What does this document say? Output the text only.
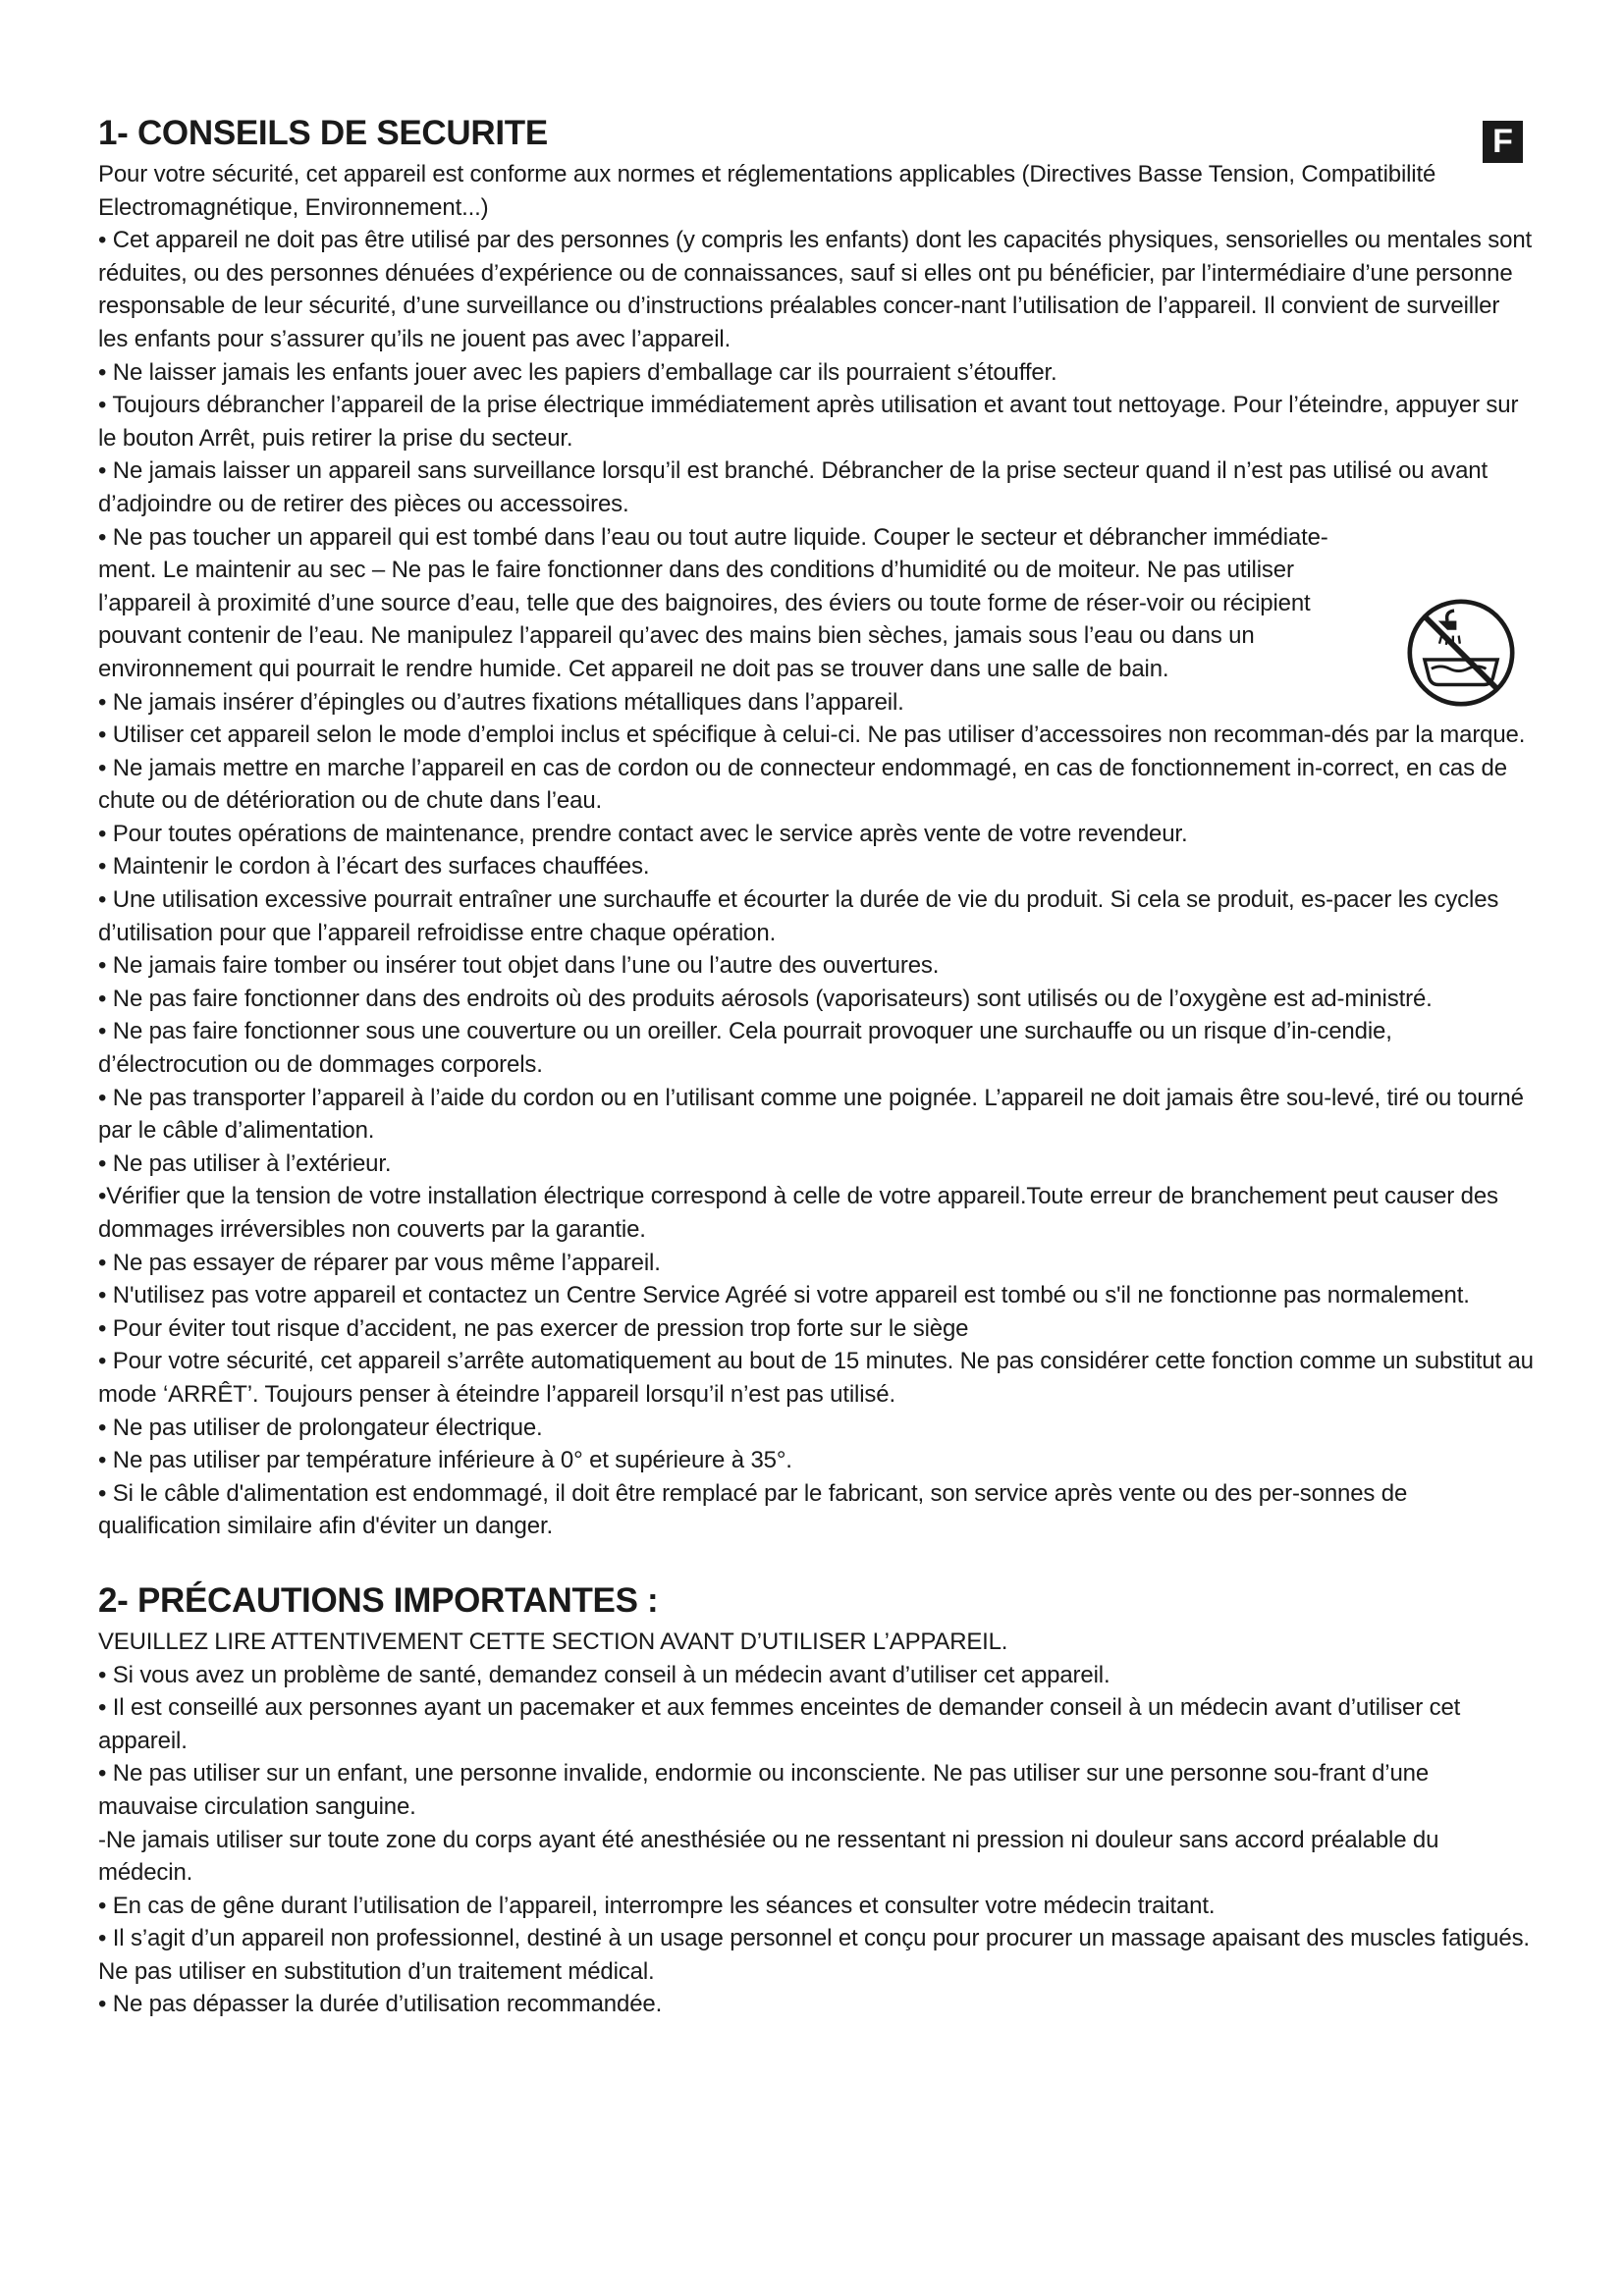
F
1- CONSEILS DE SECURITE

Pour votre sécurité, cet appareil est conforme aux normes et réglementations applicables (Directives Basse Tension, Compatibilité Electromagnétique, Environnement...)

• Cet appareil ne doit pas être utilisé par des personnes (y compris les enfants) dont les capacités physiques, sensorielles ou mentales sont réduites, ou des personnes dénuées d’expérience ou de connaissances, sauf si elles ont pu bénéficier, par l’intermédiaire d’une personne responsable de leur sécurité, d’une surveillance ou d’instructions préalables concer-nant l’utilisation de l’appareil. Il convient de surveiller les enfants pour s’assurer qu’ils ne jouent pas avec l’appareil.

• Ne laisser jamais les enfants jouer avec les papiers d’emballage car ils pourraient s’étouffer.

• Toujours débrancher l’appareil de la prise électrique immédiatement après utilisation et avant tout nettoyage. Pour l’éteindre, appuyer sur le bouton Arrêt, puis retirer la prise du secteur.

• Ne jamais laisser un appareil sans surveillance lorsqu’il est branché. Débrancher de la prise secteur quand il n’est pas utilisé ou avant d’adjoindre ou de retirer des pièces ou accessoires.

• Ne pas toucher un appareil qui est tombé dans l’eau ou tout autre liquide. Couper le secteur et débrancher immédiate-ment. Le maintenir au sec – Ne pas le faire fonctionner dans des conditions d’humidité ou de moiteur. Ne pas utiliser l’appareil à proximité d’une source d’eau, telle que des baignoires, des éviers ou toute forme de réser-voir ou récipient pouvant contenir de l’eau. Ne manipulez l’appareil qu’avec des mains bien sèches, jamais sous l’eau ou dans un environnement qui pourrait le rendre humide. Cet appareil ne doit pas se trouver dans une salle de bain.

• Ne jamais insérer d’épingles ou d’autres fixations métalliques dans l’appareil.

• Utiliser cet appareil selon le mode d’emploi inclus et spécifique à celui-ci. Ne pas utiliser d’accessoires non recomman-dés par la marque.

• Ne jamais mettre en marche l’appareil en cas de cordon ou de connecteur endommagé, en cas de fonctionnement in-correct, en cas de chute ou de détérioration ou de chute dans l’eau.

• Pour toutes opérations de maintenance, prendre contact avec le service après vente de votre revendeur.

• Maintenir le cordon à l’écart des surfaces chauffées.

• Une utilisation excessive pourrait entraîner une surchauffe et écourter la durée de vie du produit. Si cela se produit, es-pacer les cycles d’utilisation pour que l’appareil refroidisse entre chaque opération.

• Ne jamais faire tomber ou insérer tout objet dans l’une ou l’autre des ouvertures.

• Ne pas faire fonctionner dans des endroits où des produits aérosols (vaporisateurs) sont utilisés ou de l’oxygène est ad-ministré.

• Ne pas faire fonctionner sous une couverture ou un oreiller. Cela pourrait provoquer une surchauffe ou un risque d’in-cendie, d’électrocution ou de dommages corporels.

• Ne pas transporter l’appareil à l’aide du cordon ou en l’utilisant comme une poignée. L’appareil ne doit jamais être sou-levé, tiré ou tourné par le câble d’alimentation.

• Ne pas utiliser à l’extérieur.

•Vérifier que la tension de votre installation électrique correspond à celle de votre appareil.Toute erreur de branchement peut causer des dommages irréversibles non couverts par la garantie.

• Ne pas essayer de réparer par vous même l’appareil.

• N'utilisez pas votre appareil et contactez un Centre Service Agréé si votre appareil est tombé ou s'il ne fonctionne pas normalement.

• Pour éviter tout risque d’accident, ne pas exercer de pression trop forte sur le siège

• Pour votre sécurité, cet appareil s’arrête automatiquement au bout de 15 minutes. Ne pas considérer cette fonction comme un substitut au mode ‘ARRÊT’. Toujours penser à éteindre l’appareil lorsqu’il n’est pas utilisé.

• Ne pas utiliser de prolongateur électrique.

• Ne pas utiliser par température inférieure à 0° et supérieure à 35°.

• Si le câble d'alimentation est endommagé, il doit être remplacé par le fabricant, son service après vente ou des per-sonnes de qualification similaire afin d'éviter un danger.

2- PRÉCAUTIONS IMPORTANTES :

VEUILLEZ LIRE ATTENTIVEMENT CETTE SECTION AVANT D’UTILISER L’APPAREIL.

• Si vous avez un problème de santé, demandez conseil à un médecin avant d’utiliser cet appareil.

• Il est conseillé aux personnes ayant un pacemaker et aux femmes enceintes de demander conseil à un médecin avant d’utiliser cet appareil.

• Ne pas utiliser sur un enfant, une personne invalide, endormie ou inconsciente. Ne pas utiliser sur une personne sou-frant d’une mauvaise circulation sanguine.

-Ne jamais utiliser sur toute zone du corps ayant été anesthésiée ou ne ressentant ni pression ni douleur sans accord préalable du médecin.

• En cas de gêne durant l’utilisation de l’appareil, interrompre les séances et consulter votre médecin traitant.

• Il s’agit d’un appareil non professionnel, destiné à un usage personnel et conçu pour procurer un massage apaisant des muscles fatigués. Ne pas utiliser en substitution d’un traitement médical.

• Ne pas dépasser la durée d’utilisation recommandée.
